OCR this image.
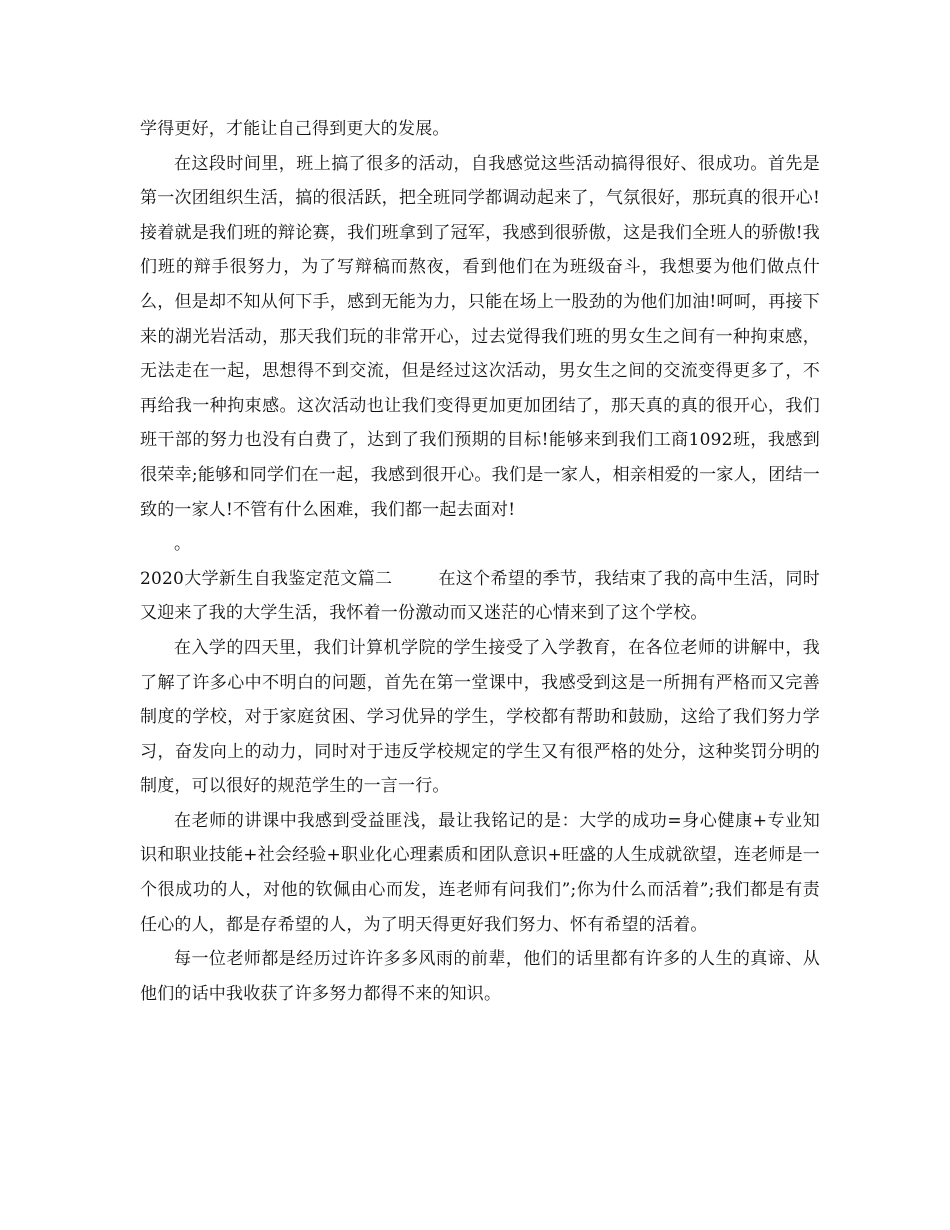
学得更好，才能让自己得到更大的发展。

在这段时间里，班上搞了很多的活动，自我感觉这些活动搞得很好、很成功。首先是第一次团组织生活，搞的很活跃，把全班同学都调动起来了，气氛很好，那玩真的很开心!接着就是我们班的辩论赛，我们班拿到了冠军，我感到很骄傲，这是我们全班人的骄傲!我们班的辩手很努力，为了写辩稿而熬夜，看到他们在为班级奋斗，我想要为他们做点什么，但是却不知从何下手，感到无能为力，只能在场上一股劲的为他们加油!呵呵，再接下来的湖光岩活动，那天我们玩的非常开心，过去觉得我们班的男女生之间有一种拘束感，无法走在一起，思想得不到交流，但是经过这次活动，男女生之间的交流变得更多了，不再给我一种拘束感。这次活动也让我们变得更加更加团结了，那天真的真的很开心，我们班干部的努力也没有白费了，达到了我们预期的目标!能够来到我们工商1092班，我感到很荣幸;能够和同学们在一起，我感到很开心。我们是一家人，相亲相爱的一家人，团结一致的一家人!不管有什么困难，我们都一起去面对!

。

2020大学新生自我鉴定范文篇二	在这个希望的季节，我结束了我的高中生活，同时又迎来了我的大学生活，我怀着一份激动而又迷茫的心情来到了这个学校。

在入学的四天里，我们计算机学院的学生接受了入学教育，在各位老师的讲解中，我了解了许多心中不明白的问题，首先在第一堂课中，我感受到这是一所拥有严格而又完善制度的学校，对于家庭贫困、学习优异的学生，学校都有帮助和鼓励，这给了我们努力学习，奋发向上的动力，同时对于违反学校规定的学生又有很严格的处分，这种奖罚分明的制度，可以很好的规范学生的一言一行。

在老师的讲课中我感到受益匪浅，最让我铭记的是：大学的成功=身心健康+专业知识和职业技能+社会经验+职业化心理素质和团队意识+旺盛的人生成就欲望，连老师是一个很成功的人，对他的钦佩由心而发，连老师有问我们”;你为什么而活着”;我们都是有责任心的人，都是存希望的人，为了明天得更好我们努力、怀有希望的活着。

每一位老师都是经历过许许多多风雨的前辈，他们的话里都有许多的人生的真谛、从他们的话中我收获了许多努力都得不来的知识。
